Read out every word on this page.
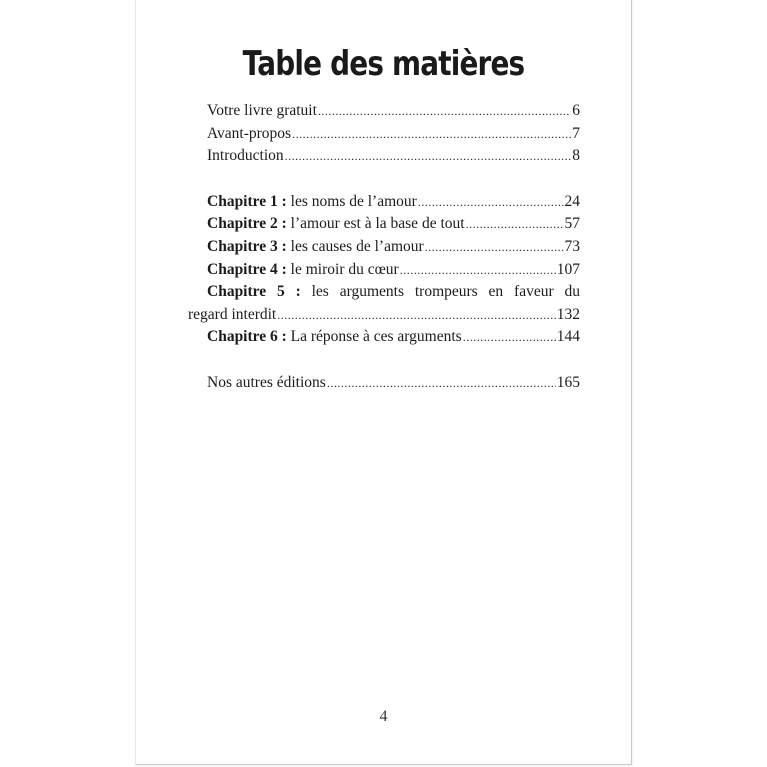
Table des matières
Votre livre gratuit .....	6
Avant-propos .....	7
Introduction .....	8
Chapitre 1 : les noms de l’amour .....	24
Chapitre 2 : l’amour est à la base de tout .....	57
Chapitre 3 : les causes de l’amour .....	73
Chapitre 4 : le miroir du cœur .....	107
Chapitre 5 : les arguments trompeurs en faveur du
regard interdit .....	132
Chapitre 6 : La réponse à ces arguments .....	144
Nos autres éditions .....	165
4
